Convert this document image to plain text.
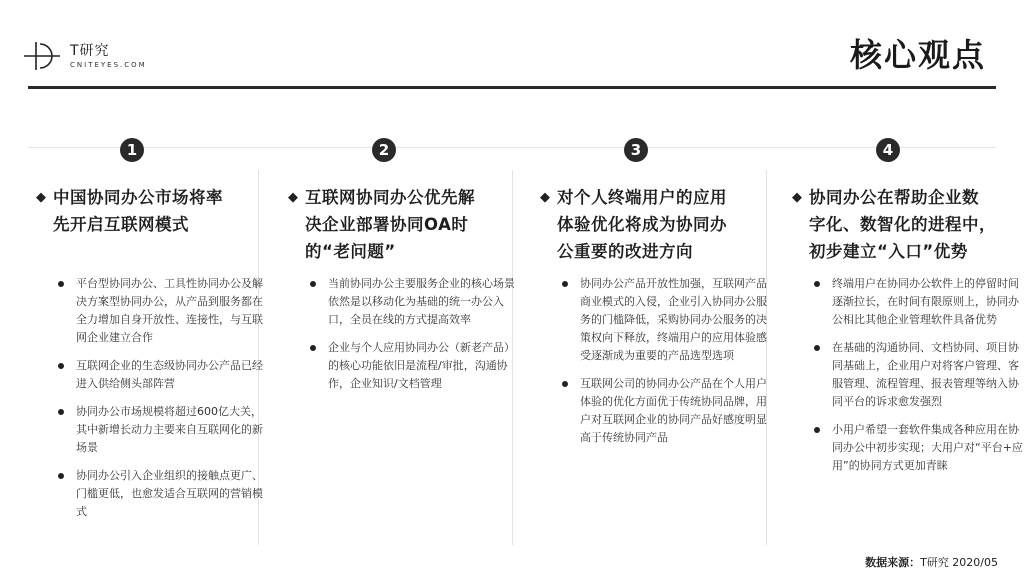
T研究
CNITEYES.COM	核心观点
1
◆ 中国协同办公市场将率
先开启互联网模式
平台型协同办公、工具性协同办公及解决方案型协同办公，从产品到服务都在全力增加自身开放性、连接性，与互联网企业建立合作
互联网企业的生态级协同办公产品已经进入供给侧头部阵营
协同办公市场规模将超过600亿大关，其中新增长动力主要来自互联网化的新场景
协同办公引入企业组织的接触点更广、门槛更低，也愈发适合互联网的营销模式
2
◆ 互联网协同办公优先解
决企业部署协同OA时
的“老问题”
当前协同办公主要服务企业的核心场景依然是以移动化为基础的统一办公入口，全员在线的方式提高效率
企业与个人应用协同办公（新老产品）的核心功能依旧是流程/审批，沟通协作，企业知识/文档管理
3
◆ 对个人终端用户的应用
体验优化将成为协同办
公重要的改进方向
协同办公产品开放性加强，互联网产品商业模式的入侵，企业引入协同办公服务的门槛降低，采购协同办公服务的决策权向下释放，终端用户的应用体验感受逐渐成为重要的产品选型选项
互联网公司的协同办公产品在个人用户体验的优化方面优于传统协同品牌，用户对互联网企业的协同产品好感度明显高于传统协同产品
4
◆ 协同办公在帮助企业数
字化、数智化的进程中，
初步建立“入口”优势
终端用户在协同办公软件上的停留时间逐渐拉长，在时间有限原则上，协同办公相比其他企业管理软件具备优势
在基础的沟通协同、文档协同、项目协同基础上，企业用户对将客户管理、客服管理、流程管理、报表管理等纳入协同平台的诉求愈发强烈
小用户希望一套软件集成各种应用在协同办公中初步实现；大用户对“平台+应用”的协同方式更加青睐
数据来源：T研究 2020/05
